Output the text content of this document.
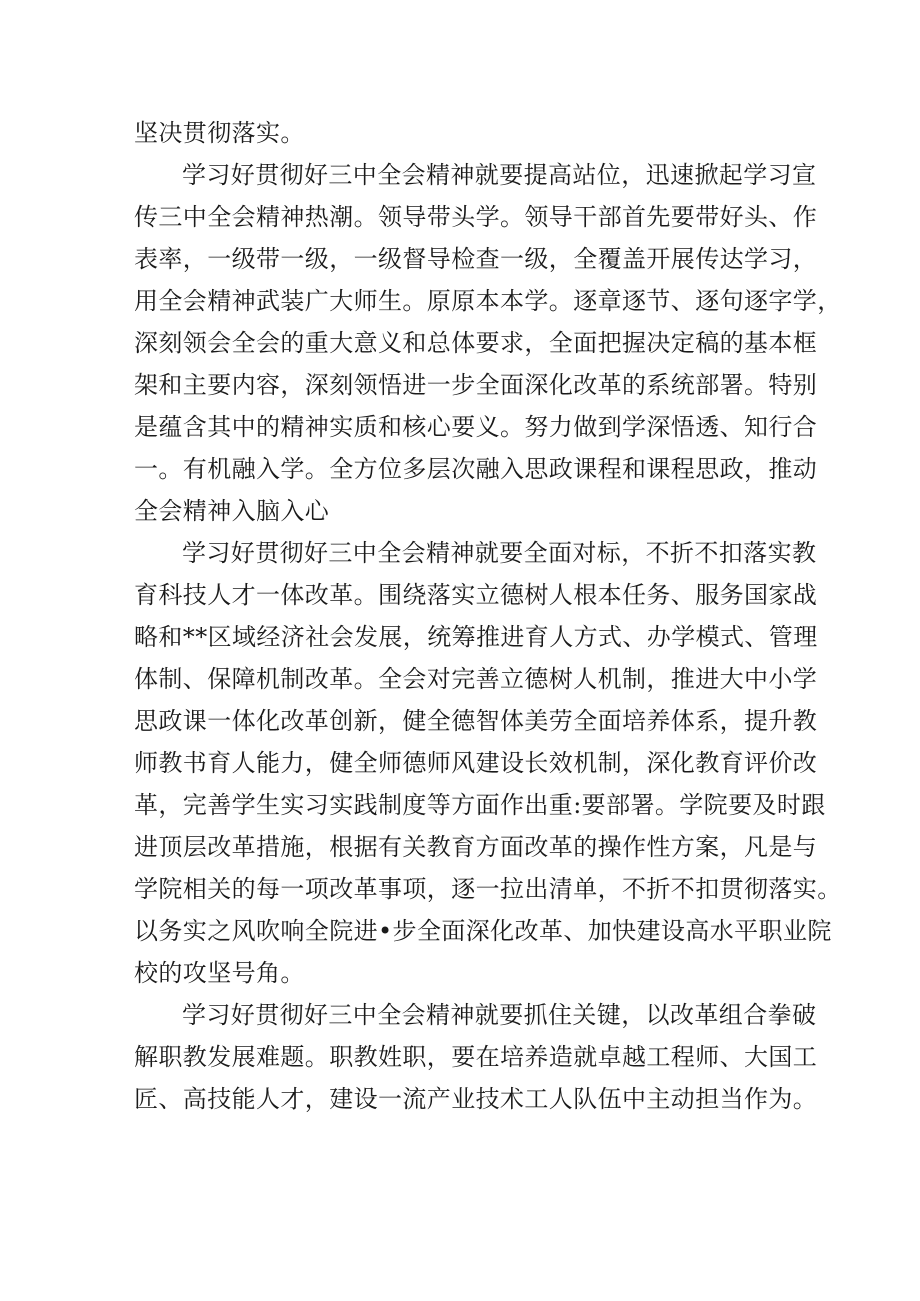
坚决贯彻落实。
学习好贯彻好三中全会精神就要提高站位，迅速掀起学习宣
传三中全会精神热潮。领导带头学。领导干部首先要带好头、作
表率，一级带一级，一级督导检查一级，全覆盖开展传达学习，
用全会精神武装广大师生。原原本本学。逐章逐节、逐句逐字学，
深刻领会全会的重大意义和总体要求，全面把握决定稿的基本框
架和主要内容，深刻领悟进一步全面深化改革的系统部署。特别
是蕴含其中的精神实质和核心要义。努力做到学深悟透、知行合
一。有机融入学。全方位多层次融入思政课程和课程思政，推动
全会精神入脑入心
学习好贯彻好三中全会精神就要全面对标，不折不扣落实教
育科技人才一体改革。围绕落实立德树人根本任务、服务国家战
略和**区域经济社会发展，统筹推进育人方式、办学模式、管理
体制、保障机制改革。全会对完善立德树人机制，推进大中小学
思政课一体化改革创新，健全德智体美劳全面培养体系，提升教
师教书育人能力，健全师德师风建设长效机制，深化教育评价改
革，完善学生实习实践制度等方面作出重:要部署。学院要及时跟
进顶层改革措施，根据有关教育方面改革的操作性方案，凡是与
学院相关的每一项改革事项，逐一拉出清单，不折不扣贯彻落实。
以务实之风吹响全院进•步全面深化改革、加快建设高水平职业院
校的攻坚号角。
学习好贯彻好三中全会精神就要抓住关键，以改革组合拳破
解职教发展难题。职教姓职，要在培养造就卓越工程师、大国工
匠、高技能人才，建设一流产业技术工人队伍中主动担当作为。
